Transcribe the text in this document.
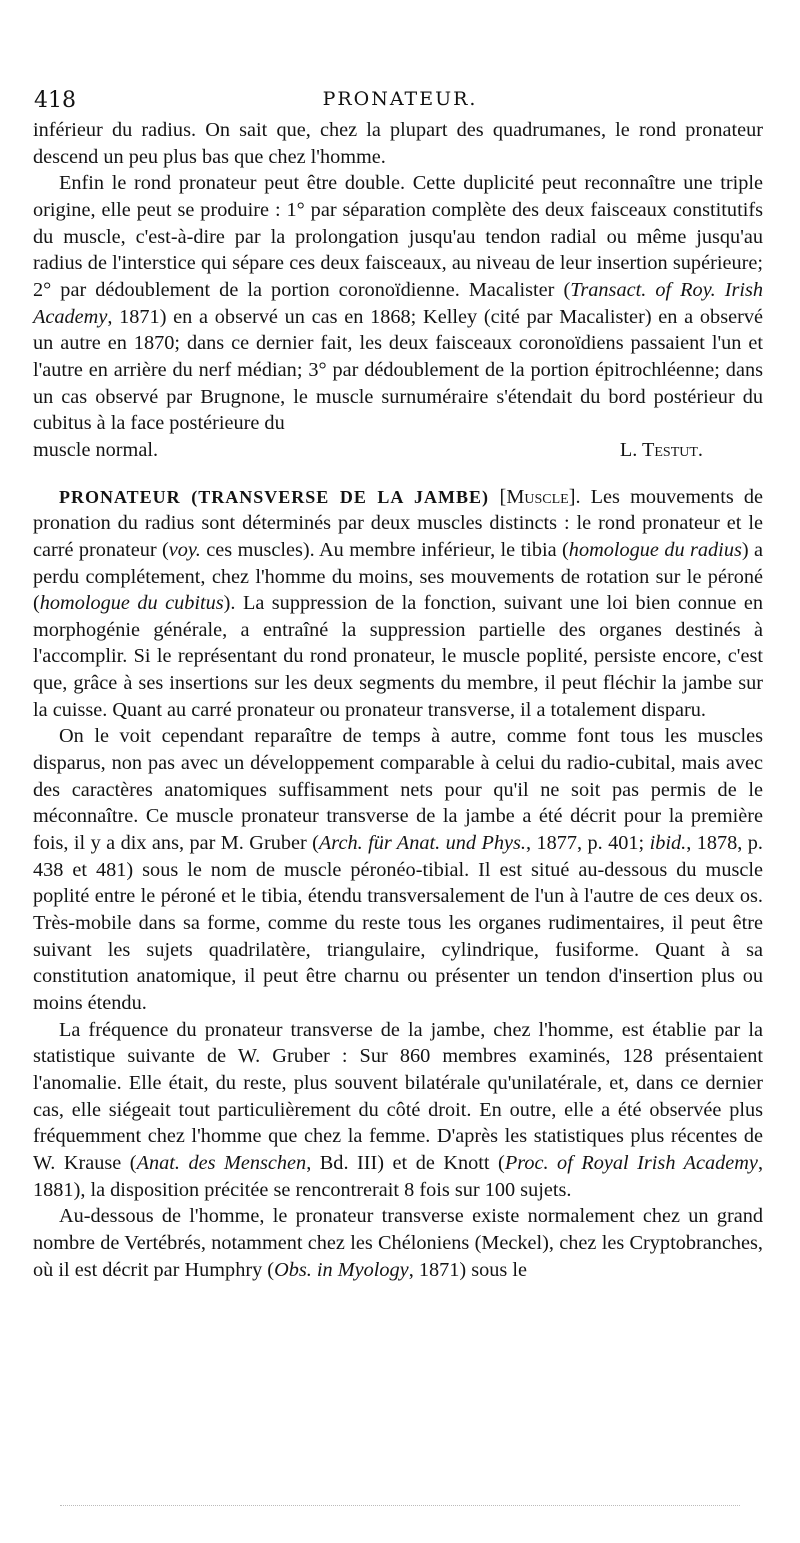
418	PRONATEUR.

inférieur du radius. On sait que, chez la plupart des quadrumanes, le rond pronateur descend un peu plus bas que chez l'homme.

Enfin le rond pronateur peut être double. Cette duplicité peut reconnaître une triple origine, elle peut se produire : 1° par séparation complète des deux faisceaux constitutifs du muscle, c'est-à-dire par la prolongation jusqu'au tendon radial ou même jusqu'au radius de l'interstice qui sépare ces deux faisceaux, au niveau de leur insertion supérieure; 2° par dédoublement de la portion coronoïdienne. Macalister (Transact. of Roy. Irish Academy, 1871) en a observé un cas en 1868; Kelley (cité par Macalister) en a observé un autre en 1870; dans ce dernier fait, les deux faisceaux coronoïdiens passaient l'un et l'autre en arrière du nerf médian; 3° par dédoublement de la portion épitrochléenne; dans un cas observé par Brugnone, le muscle surnuméraire s'étendait du bord postérieur du cubitus à la face postérieure du

muscle normal.	L. Testut.

PRONATEUR (TRANSVERSE DE LA JAMBE) [Muscle]. Les mouvements de pronation du radius sont déterminés par deux muscles distincts : le rond pronateur et le carré pronateur (voy. ces muscles). Au membre inférieur, le tibia (homologue du radius) a perdu complétement, chez l'homme du moins, ses mouvements de rotation sur le péroné (homologue du cubitus). La suppression de la fonction, suivant une loi bien connue en morphogénie générale, a entraîné la suppression partielle des organes destinés à l'accomplir. Si le représentant du rond pronateur, le muscle poplité, persiste encore, c'est que, grâce à ses insertions sur les deux segments du membre, il peut fléchir la jambe sur la cuisse. Quant au carré pronateur ou pronateur transverse, il a totalement disparu.

On le voit cependant reparaître de temps à autre, comme font tous les muscles disparus, non pas avec un développement comparable à celui du radio-cubital, mais avec des caractères anatomiques suffisamment nets pour qu'il ne soit pas permis de le méconnaître. Ce muscle pronateur transverse de la jambe a été décrit pour la première fois, il y a dix ans, par M. Gruber (Arch. für Anat. und Phys., 1877, p. 401; ibid., 1878, p. 438 et 481) sous le nom de muscle péronéo-tibial. Il est situé au-dessous du muscle poplité entre le péroné et le tibia, étendu transversalement de l'un à l'autre de ces deux os. Très-mobile dans sa forme, comme du reste tous les organes rudimentaires, il peut être suivant les sujets quadrilatère, triangulaire, cylindrique, fusiforme. Quant à sa constitution anatomique, il peut être charnu ou présenter un tendon d'insertion plus ou moins étendu.

La fréquence du pronateur transverse de la jambe, chez l'homme, est établie par la statistique suivante de W. Gruber : Sur 860 membres examinés, 128 présentaient l'anomalie. Elle était, du reste, plus souvent bilatérale qu'unilatérale, et, dans ce dernier cas, elle siégeait tout particulièrement du côté droit. En outre, elle a été observée plus fréquemment chez l'homme que chez la femme. D'après les statistiques plus récentes de W. Krause (Anat. des Menschen, Bd. III) et de Knott (Proc. of Royal Irish Academy, 1881), la disposition précitée se rencontrerait 8 fois sur 100 sujets.

Au-dessous de l'homme, le pronateur transverse existe normalement chez un grand nombre de Vertébrés, notamment chez les Chéloniens (Meckel), chez les Cryptobranches, où il est décrit par Humphry (Obs. in Myology, 1871) sous le
